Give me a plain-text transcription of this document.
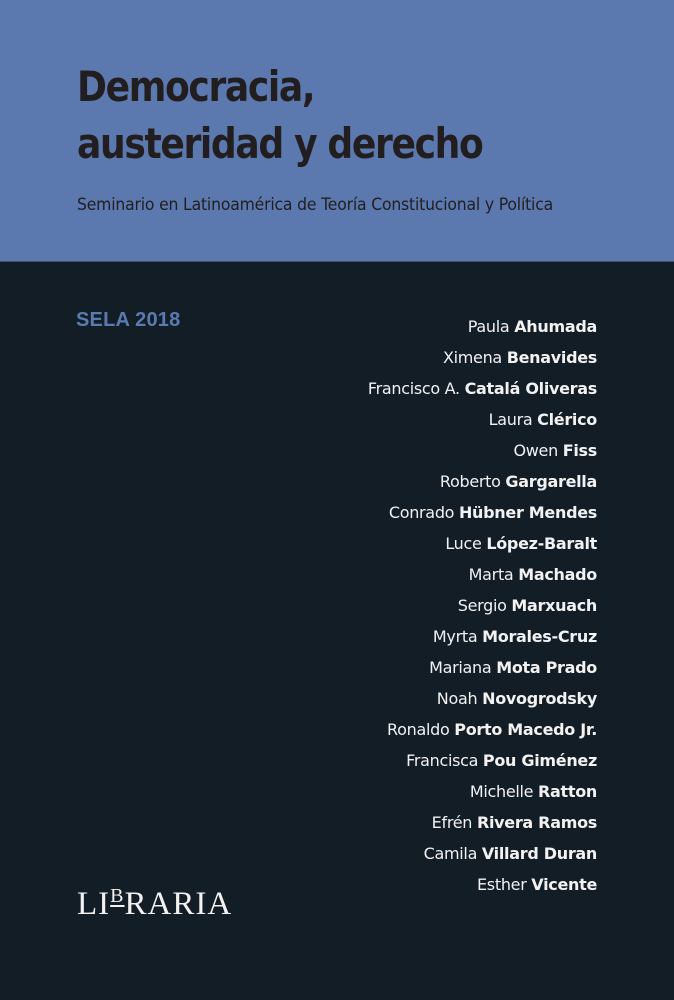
Democracia,
austeridad y derecho
Seminario en Latinoamérica de Teoría Constitucional y Política
SELA 2018	Paula Ahumada
Ximena Benavides
Francisco A. Catalá Oliveras
Laura Clérico
Owen Fiss
Roberto Gargarella
Conrado Hübner Mendes
Luce López-Baralt
Marta Machado
Sergio Marxuach
Myrta Morales-Cruz
Mariana Mota Prado
Noah Novogrodsky
Ronaldo Porto Macedo Jr.
Francisca Pou Giménez
Michelle Ratton
Efrén Rivera Ramos
Camila Villard Duran
Esther Vicente
$LI^BRARIA$
